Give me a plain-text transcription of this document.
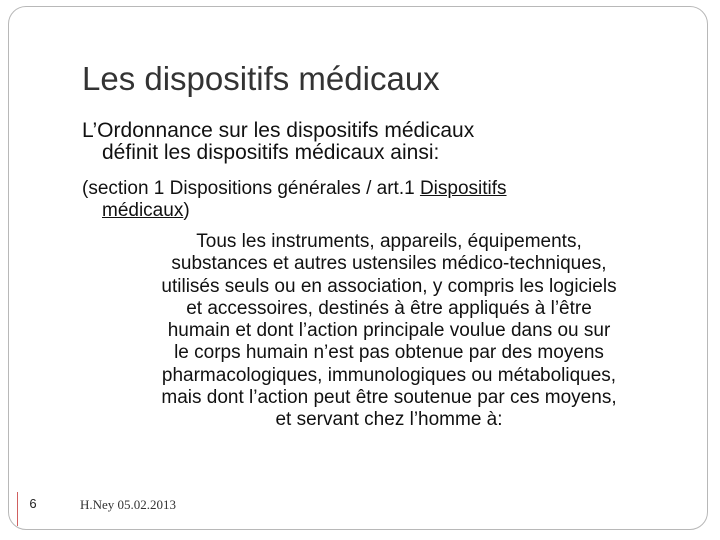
Les dispositifs médicaux
L’Ordonnance sur les dispositifs médicaux
définit les dispositifs médicaux ainsi:
(section 1 Dispositions générales / art.1 Dispositifs
médicaux)
Tous les instruments, appareils, équipements,
substances et autres ustensiles médico-techniques,
utilisés seuls ou en association, y compris les logiciels
et accessoires, destinés à être appliqués à l’être
humain et dont l’action principale voulue dans ou sur
le corps humain n’est pas obtenue par des moyens
pharmacologiques, immunologiques ou métaboliques,
mais dont l’action peut être soutenue par ces moyens,
et servant chez l’homme à:
6	H.Ney 05.02.2013
